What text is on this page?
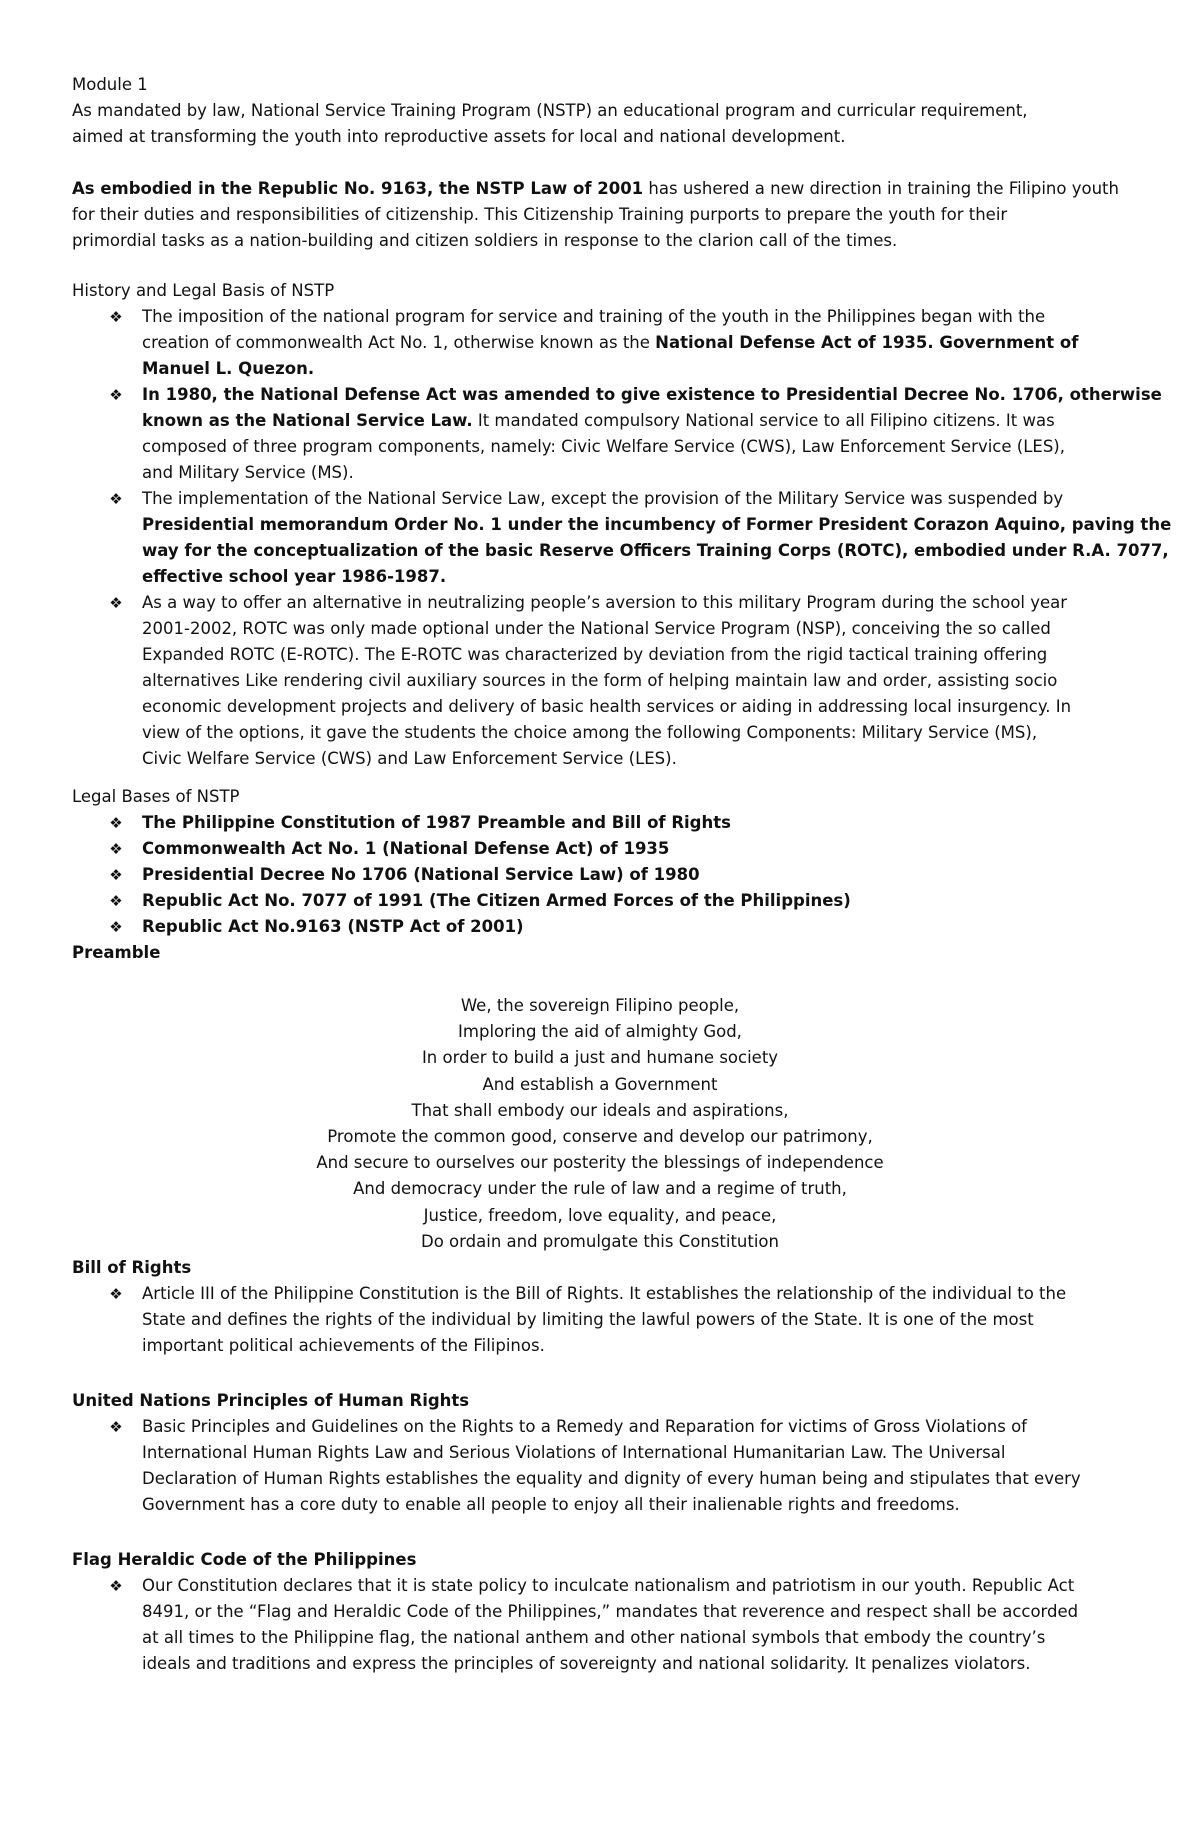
Module 1
As mandated by law, National Service Training Program (NSTP) an educational program and curricular requirement,
aimed at transforming the youth into reproductive assets for local and national development.
As embodied in the Republic No. 9163, the NSTP Law of 2001 has ushered a new direction in training the Filipino youth
for their duties and responsibilities of citizenship. This Citizenship Training purports to prepare the youth for their
primordial tasks as a nation-building and citizen soldiers in response to the clarion call of the times.
History and Legal Basis of NSTP
❖ The imposition of the national program for service and training of the youth in the Philippines began with the
creation of commonwealth Act No. 1, otherwise known as the National Defense Act of 1935. Government of
Manuel L. Quezon.
❖ In 1980, the National Defense Act was amended to give existence to Presidential Decree No. 1706, otherwise
known as the National Service Law. It mandated compulsory National service to all Filipino citizens. It was
composed of three program components, namely: Civic Welfare Service (CWS), Law Enforcement Service (LES),
and Military Service (MS).
❖ The implementation of the National Service Law, except the provision of the Military Service was suspended by
Presidential memorandum Order No. 1 under the incumbency of Former President Corazon Aquino, paving the
way for the conceptualization of the basic Reserve Officers Training Corps (ROTC), embodied under R.A. 7077,
effective school year 1986-1987.
❖ As a way to offer an alternative in neutralizing people’s aversion to this military Program during the school year
2001-2002, ROTC was only made optional under the National Service Program (NSP), conceiving the so called
Expanded ROTC (E-ROTC). The E-ROTC was characterized by deviation from the rigid tactical training offering
alternatives Like rendering civil auxiliary sources in the form of helping maintain law and order, assisting socio
economic development projects and delivery of basic health services or aiding in addressing local insurgency. In
view of the options, it gave the students the choice among the following Components: Military Service (MS),
Civic Welfare Service (CWS) and Law Enforcement Service (LES).
Legal Bases of NSTP
❖ The Philippine Constitution of 1987 Preamble and Bill of Rights
❖ Commonwealth Act No. 1 (National Defense Act) of 1935
❖ Presidential Decree No 1706 (National Service Law) of 1980
❖ Republic Act No. 7077 of 1991 (The Citizen Armed Forces of the Philippines)
❖ Republic Act No.9163 (NSTP Act of 2001)
Preamble
We, the sovereign Filipino people,
Imploring the aid of almighty God,
In order to build a just and humane society
And establish a Government
That shall embody our ideals and aspirations,
Promote the common good, conserve and develop our patrimony,
And secure to ourselves our posterity the blessings of independence
And democracy under the rule of law and a regime of truth,
Justice, freedom, love equality, and peace,
Do ordain and promulgate this Constitution
Bill of Rights
❖ Article III of the Philippine Constitution is the Bill of Rights. It establishes the relationship of the individual to the
State and defines the rights of the individual by limiting the lawful powers of the State. It is one of the most
important political achievements of the Filipinos.
United Nations Principles of Human Rights
❖ Basic Principles and Guidelines on the Rights to a Remedy and Reparation for victims of Gross Violations of
International Human Rights Law and Serious Violations of International Humanitarian Law. The Universal
Declaration of Human Rights establishes the equality and dignity of every human being and stipulates that every
Government has a core duty to enable all people to enjoy all their inalienable rights and freedoms.
Flag Heraldic Code of the Philippines
❖ Our Constitution declares that it is state policy to inculcate nationalism and patriotism in our youth. Republic Act
8491, or the “Flag and Heraldic Code of the Philippines,” mandates that reverence and respect shall be accorded
at all times to the Philippine flag, the national anthem and other national symbols that embody the country’s
ideals and traditions and express the principles of sovereignty and national solidarity. It penalizes violators.
